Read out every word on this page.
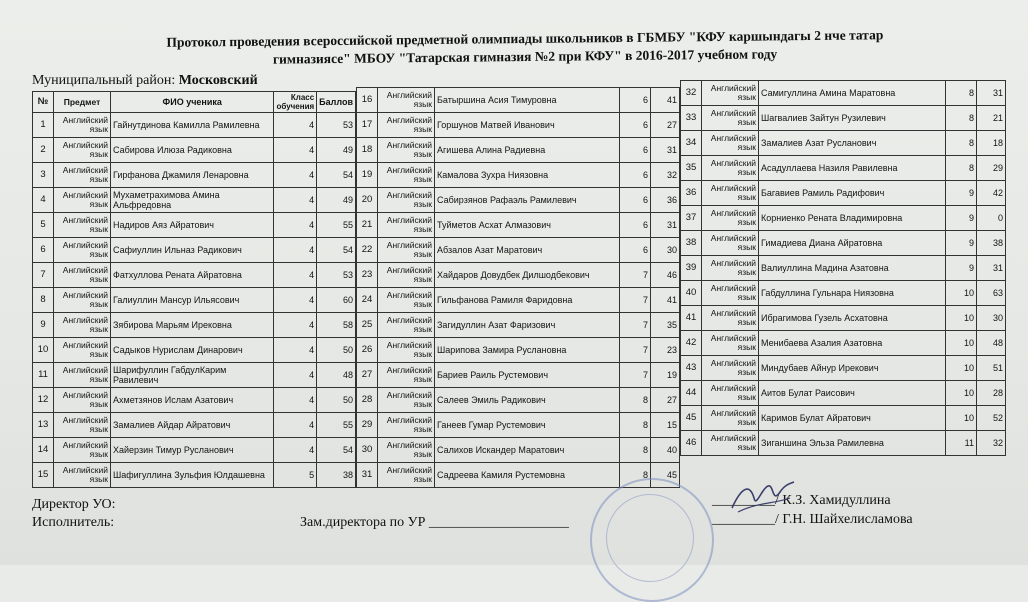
Протокол проведения всероссийской предметной олимпиады школьников в ГБМБУ "КФУ каршындагы 2 нче татар
гимназиясе" МБОУ "Татарская гимназия №2 при КФУ" в 2016-2017 учебном году
Муниципальный район: Московский
№	Предмет	ФИО ученика	Класс
обучения	Баллов
1	Английский язык	Гайнутдинова Камилла Рамилевна	4	53
2	Английский язык	Сабирова Илюза Радиковна	4	49
3	Английский язык	Гирфанова Джамиля Ленаровна	4	54
4	Английский язык	Мухаметрахимова Амина Альфредовна	4	49
5	Английский язык	Надиров Аяз Айратович	4	55
6	Английский язык	Сафиуллин Ильназ Радикович	4	54
7	Английский язык	Фатхуллова Рената Айратовна	4	53
8	Английский язык	Галиуллин Мансур Ильясович	4	60
9	Английский язык	Зябирова Марьям Ирековна	4	58
10	Английский язык	Садыков Нурислам Динарович	4	50
11	Английский язык	Шарифуллин ГабдулКарим Равилевич	4	48
12	Английский язык	Ахметзянов Ислам Азатович	4	50
13	Английский язык	Замалиев Айдар Айратович	4	55
14	Английский язык	Хайерзин Тимур Русланович	4	54
15	Английский язык	Шафигуллина Зульфия Юлдашевна	5	38
16	Английский язык	Батыршина Асия Тимуровна	6	41
17	Английский язык	Горшунов Матвей Иванович	6	27
18	Английский язык	Агишева Алина Радиевна	6	31
19	Английский язык	Камалова Зухра Ниязовна	6	32
20	Английский язык	Сабирзянов Рафаэль Рамилевич	6	36
21	Английский язык	Туйметов Асхат Алмазович	6	31
22	Английский язык	Абзалов Азат Маратович	6	30
23	Английский язык	Хайдаров Довудбек Дилшодбекович	7	46
24	Английский язык	Гильфанова Рамиля Фаридовна	7	41
25	Английский язык	Загидуллин Азат Фаризович	7	35
26	Английский язык	Шарипова Замира Руслановна	7	23
27	Английский язык	Бариев Раиль Рустемович	7	19
28	Английский язык	Салеев Эмиль Радикович	8	27
29	Английский язык	Ганеев Гумар Рустемович	8	15
30	Английский язык	Салихов Искандер Маратович	8	40
31	Английский язык	Садреева Камиля Рустемовна	8	45
32	Английский язык	Самигуллина Амина Маратовна	8	31
33	Английский язык	Шагвалиев Зайтун Рузилевич	8	21
34	Английский язык	Замалиев Азат Русланович	8	18
35	Английский язык	Асадуллаева Назиля Равилевна	8	29
36	Английский язык	Багавиев Рамиль Радифович	9	42
37	Английский язык	Корниенко Рената Владимировна	9	0
38	Английский язык	Гимадиева Диана Айратовна	9	38
39	Английский язык	Валиуллина Мадина Азатовна	9	31
40	Английский язык	Габдуллина Гульнара Ниязовна	10	63
41	Английский язык	Ибрагимова Гузель Асхатовна	10	30
42	Английский язык	Менибаева Азалия Азатовна	10	48
43	Английский язык	Миндубаев Айнур Ирекович	10	51
44	Английский язык	Аитов Булат Раисович	10	28
45	Английский язык	Каримов Булат Айратович	10	52
46	Английский язык	Зиганшина Эльза Рамилевна	11	32
Директор УО:
Исполнитель:	Зам.директора по УР ____________________
_________/ К.З. Хамидуллина
_________/ Г.Н. Шайхелисламова
